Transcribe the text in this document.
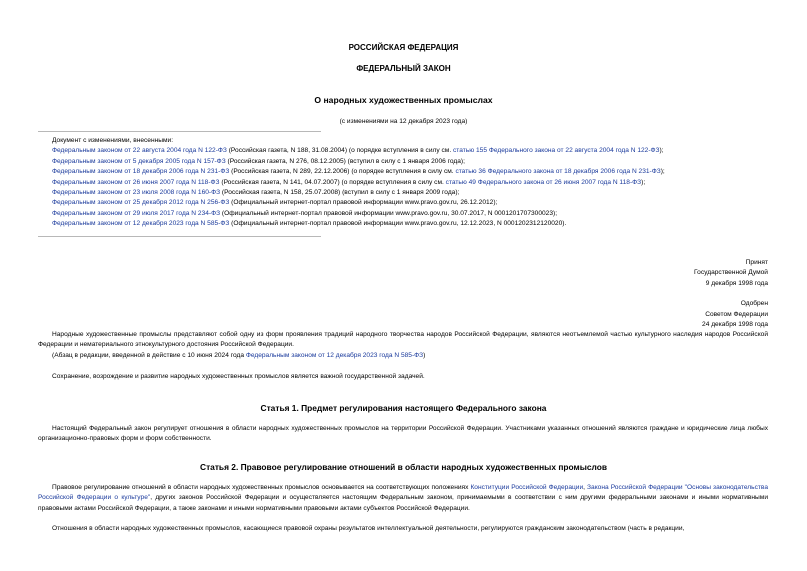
РОССИЙСКАЯ ФЕДЕРАЦИЯ
ФЕДЕРАЛЬНЫЙ ЗАКОН
О народных художественных промыслах
(с изменениями на 12 декабря 2023 года)
Документ с изменениями, внесенными:
Федеральным законом от 22 августа 2004 года N 122-ФЗ (Российская газета, N 188, 31.08.2004) (о порядке вступления в силу см. статью 155 Федерального закона от 22 августа 2004 года N 122-ФЗ);
Федеральным законом от 5 декабря 2005 года N 157-ФЗ (Российская газета, N 276, 08.12.2005) (вступил в силу с 1 января 2006 года);
Федеральным законом от 18 декабря 2006 года N 231-ФЗ (Российская газета, N 289, 22.12.2006) (о порядке вступления в силу см. статью 36 Федерального закона от 18 декабря 2006 года N 231-ФЗ);
Федеральным законом от 26 июня 2007 года N 118-ФЗ (Российская газета, N 141, 04.07.2007) (о порядке вступления в силу см. статью 49 Федерального закона от 26 июня 2007 года N 118-ФЗ);
Федеральным законом от 23 июля 2008 года N 160-ФЗ (Российская газета, N 158, 25.07.2008) (вступил в силу с 1 января 2009 года);
Федеральным законом от 25 декабря 2012 года N 256-ФЗ (Официальный интернет-портал правовой информации www.pravo.gov.ru, 26.12.2012);
Федеральным законом от 29 июля 2017 года N 234-ФЗ (Официальный интернет-портал правовой информации www.pravo.gov.ru, 30.07.2017, N 0001201707300023);
Федеральным законом от 12 декабря 2023 года N 585-ФЗ (Официальный интернет-портал правовой информации www.pravo.gov.ru, 12.12.2023, N 0001202312120020).
Принят
Государственной Думой
9 декабря 1998 года
Одобрен
Советом Федерации
24 декабря 1998 года
Народные художественные промыслы представляют собой одну из форм проявления традиций народного творчества народов Российской Федерации, являются неотъемлемой частью культурного наследия народов Российской Федерации и нематериального этнокультурного достояния Российской Федерации.
(Абзац в редакции, введенной в действие с 10 июня 2024 года Федеральным законом от 12 декабря 2023 года N 585-ФЗ)
Сохранение, возрождение и развитие народных художественных промыслов является важной государственной задачей.
Статья 1. Предмет регулирования настоящего Федерального закона
Настоящий Федеральный закон регулирует отношения в области народных художественных промыслов на территории Российской Федерации. Участниками указанных отношений являются граждане и юридические лица любых организационно-правовых форм и форм собственности.
Статья 2. Правовое регулирование отношений в области народных художественных промыслов
Правовое регулирование отношений в области народных художественных промыслов основывается на соответствующих положениях Конституции Российской Федерации, Закона Российской Федерации "Основы законодательства Российской Федерации о культуре", других законов Российской Федерации и осуществляется настоящим Федеральным законом, принимаемыми в соответствии с ним другими федеральными законами и иными нормативными правовыми актами Российской Федерации, а также законами и иными нормативными правовыми актами субъектов Российской Федерации.
Отношения в области народных художественных промыслов, касающиеся правовой охраны результатов интеллектуальной деятельности, регулируются гражданским законодательством (часть в редакции,
